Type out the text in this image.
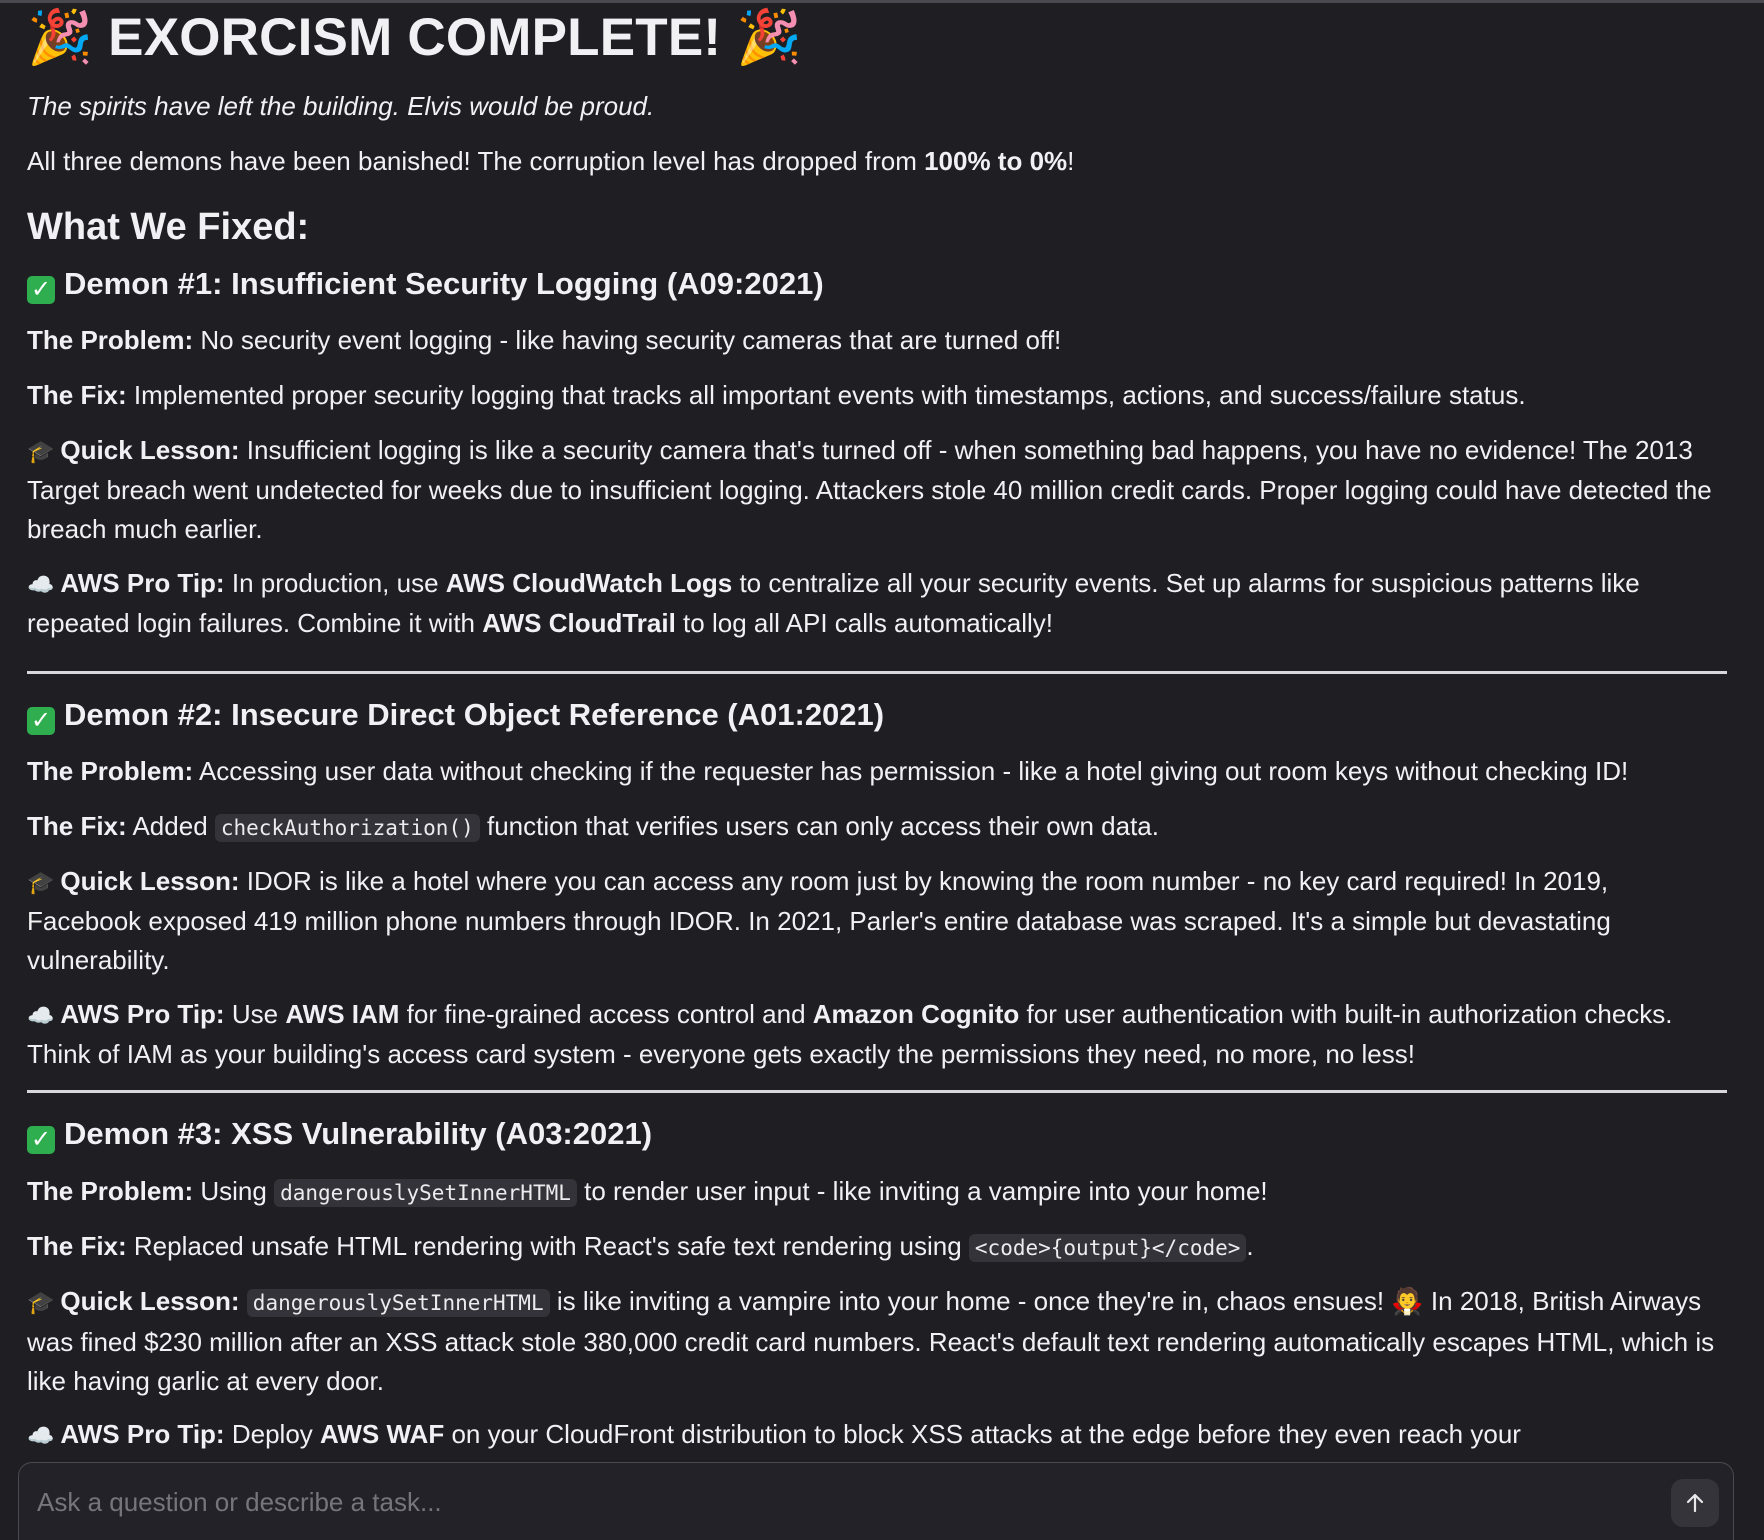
🎉 EXORCISM COMPLETE! 🎉
The spirits have left the building. Elvis would be proud.
All three demons have been banished! The corruption level has dropped from 100% to 0%!
What We Fixed:
✓ Demon #1: Insufficient Security Logging (A09:2021)
The Problem: No security event logging - like having security cameras that are turned off!
The Fix: Implemented proper security logging that tracks all important events with timestamps, actions, and success/failure status.
🎓 Quick Lesson: Insufficient logging is like a security camera that's turned off - when something bad happens, you have no evidence! The 2013 Target breach went undetected for weeks due to insufficient logging. Attackers stole 40 million credit cards. Proper logging could have detected the breach much earlier.
☁️ AWS Pro Tip: In production, use AWS CloudWatch Logs to centralize all your security events. Set up alarms for suspicious patterns like repeated login failures. Combine it with AWS CloudTrail to log all API calls automatically!
✓ Demon #2: Insecure Direct Object Reference (A01:2021)
The Problem: Accessing user data without checking if the requester has permission - like a hotel giving out room keys without checking ID!
The Fix: Added checkAuthorization() function that verifies users can only access their own data.
🎓 Quick Lesson: IDOR is like a hotel where you can access any room just by knowing the room number - no key card required! In 2019, Facebook exposed 419 million phone numbers through IDOR. In 2021, Parler's entire database was scraped. It's a simple but devastating vulnerability.
☁️ AWS Pro Tip: Use AWS IAM for fine-grained access control and Amazon Cognito for user authentication with built-in authorization checks. Think of IAM as your building's access card system - everyone gets exactly the permissions they need, no more, no less!
✓ Demon #3: XSS Vulnerability (A03:2021)
The Problem: Using dangerouslySetInnerHTML to render user input - like inviting a vampire into your home!
The Fix: Replaced unsafe HTML rendering with React's safe text rendering using <code>{output}</code> .
🎓 Quick Lesson: dangerouslySetInnerHTML is like inviting a vampire into your home - once they're in, chaos ensues! 🧛 In 2018, British Airways was fined $230 million after an XSS attack stole 380,000 credit card numbers. React's default text rendering automatically escapes HTML, which is like having garlic at every door.
☁️ AWS Pro Tip: Deploy AWS WAF on your CloudFront distribution to block XSS attacks at the edge before they even reach your
Ask a question or describe a task...
